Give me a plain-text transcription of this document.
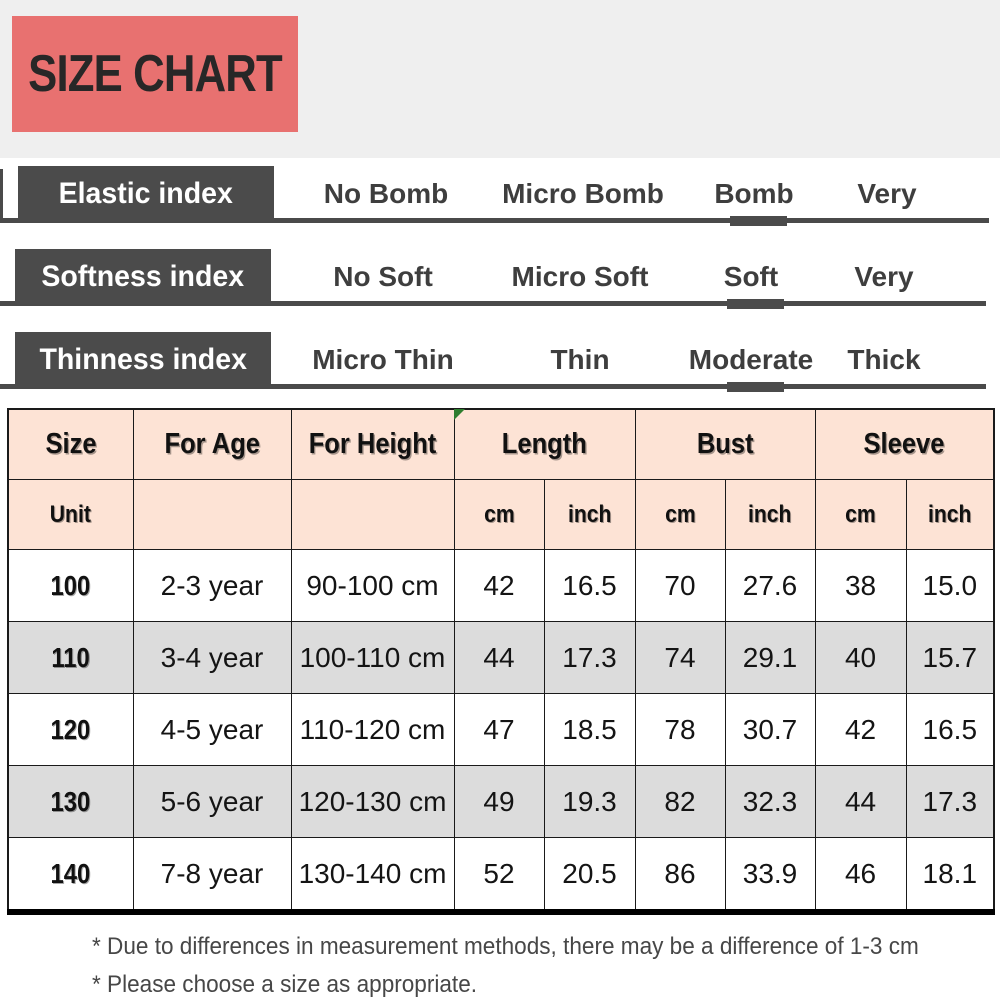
SIZE CHART
Elastic index	No Bomb	Micro Bomb	Bomb	Very
Softness index	No Soft	Micro Soft	Soft	Very
Thinness index	Micro Thin	Thin	Moderate	Thick
Size	For Age	For Height	Length		Bust		Sleeve	
Unit			cm	inch	cm	inch	cm	inch
100	2-3 year	90-100 cm	42	16.5	70	27.6	38	15.0
110	3-4 year	100-110 cm	44	17.3	74	29.1	40	15.7
120	4-5 year	110-120 cm	47	18.5	78	30.7	42	16.5
130	5-6 year	120-130 cm	49	19.3	82	32.3	44	17.3
140	7-8 year	130-140 cm	52	20.5	86	33.9	46	18.1
* Due to differences in measurement methods, there may be a difference of 1-3 cm
* Please choose a size as appropriate.
